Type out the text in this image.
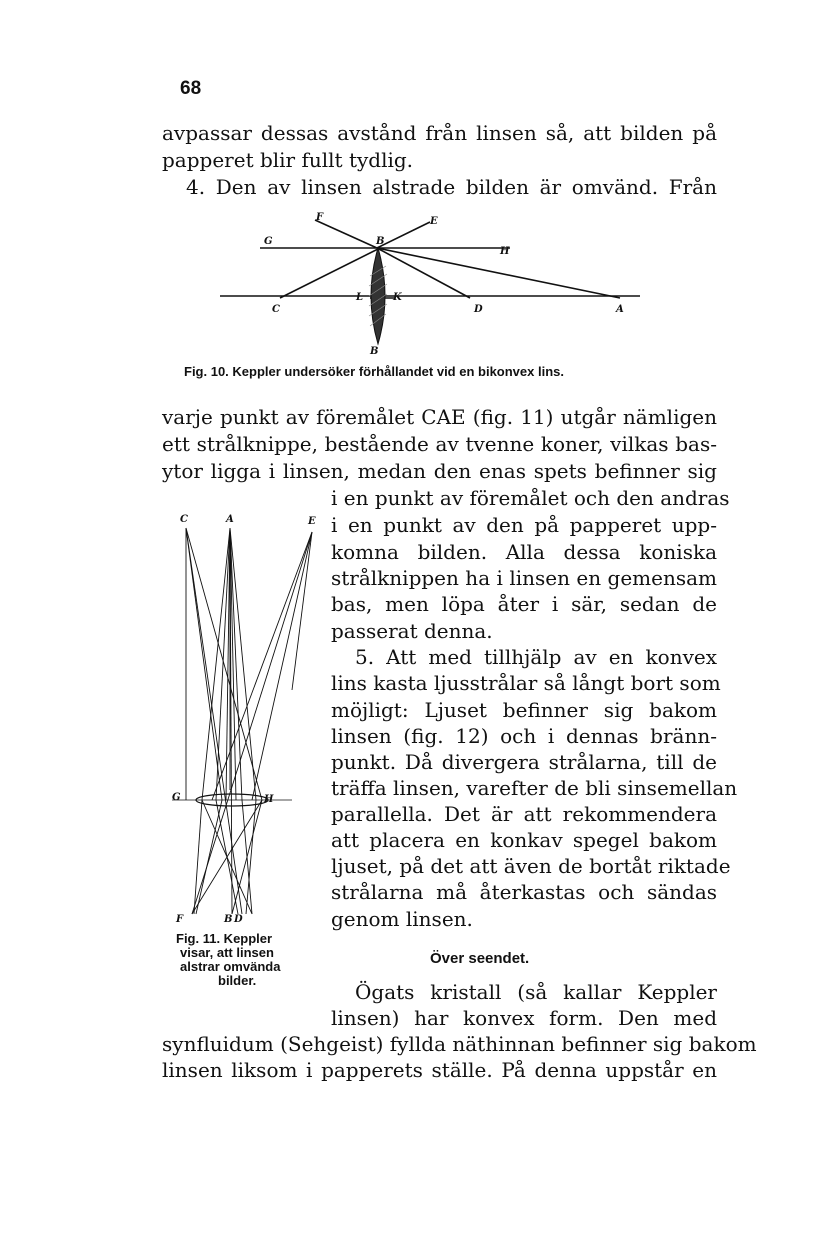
68
avpassar dessas avstånd från linsen så, att bilden på
papperet blir fullt tydlig.
4. Den av linsen alstrade bilden är omvänd. Från
F	E
G	B
H
C
L	K
D	A
B
Fig. 10. Keppler undersöker förhållandet vid en bikonvex lins.
varje punkt av föremålet CAE (fig. 11) utgår nämligen
ett strålknippe, bestående av tvenne koner, vilkas bas-
ytor ligga i linsen, medan den enas spets befinner sig
C	A	E
G	H
F	B D
i en punkt av föremålet och den andras
i en punkt av den på papperet upp-
komna bilden. Alla dessa koniska
strålknippen ha i linsen en gemensam
bas, men löpa åter i sär, sedan de
passerat denna.
5. Att med tillhjälp av en konvex
lins kasta ljusstrålar så långt bort som
möjligt: Ljuset befinner sig bakom
linsen (fig. 12) och i dennas bränn-
punkt. Då divergera strålarna, till de
träffa linsen, varefter de bli sinsemellan
parallella. Det är att rekommendera
att placera en konkav spegel bakom
ljuset, på det att även de bortåt riktade
strålarna må återkastas och sändas
genom linsen.
Fig. 11. Keppler
visar, att linsen
alstrar omvända
bilder.
Över seendet.
Ögats kristall (så kallar Keppler
linsen) har konvex form. Den med
synfluidum (Sehgeist) fyllda näthinnan befinner sig bakom
linsen liksom i papperets ställe. På denna uppstår en
